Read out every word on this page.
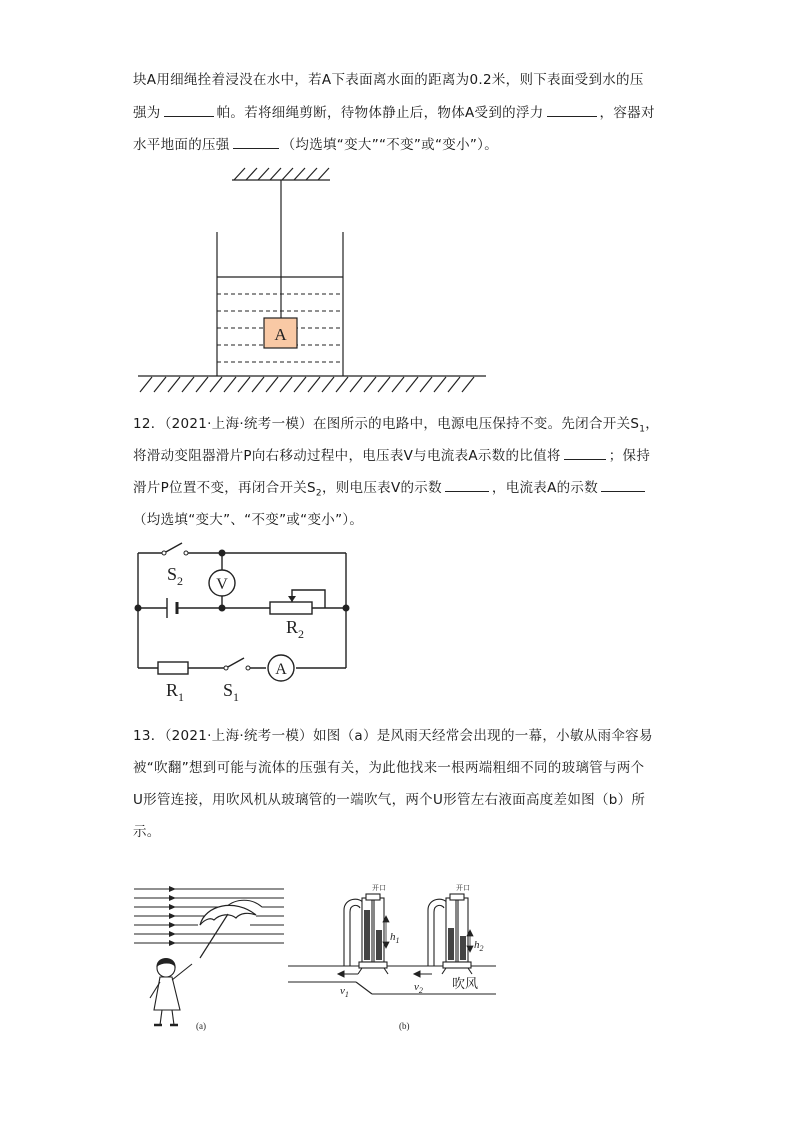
块A用细绳拴着浸没在水中，若A下表面离水面的距离为0.2米，则下表面受到水的压
强为	帕。若将细绳剪断，待物体静止后，物体A受到的浮力	，容器对
水平地面的压强	（均选填“变大”“不变”或“变小”）。
A
12．（2021·上海·统考一模）在图所示的电路中，电源电压保持不变。先闭合开关$S_1$，
将滑动变阻器滑片P向右移动过程中，电压表V与电流表A示数的比值将	；保持
滑片P位置不变，再闭合开关$S_2$，则电压表V的示数	，电流表A的示数
（均选填“变大”、“不变”或“变小”）。
V
A
$S_2$
$R_2$
$R_1$ $S_1$
13．（2021·上海·统考一模）如图（a）是风雨天经常会出现的一幕，小敏从雨伞容易
被“吹翻”想到可能与流体的压强有关，为此他找来一根两端粗细不同的玻璃管与两个
U形管连接，用吹风机从玻璃管的一端吹气，两个U形管左右液面高度差如图（b）所
示。
(a)
$h_1$
开口
$h_2$
开口
$v_1$
$v_2$ 吹风
(b)
